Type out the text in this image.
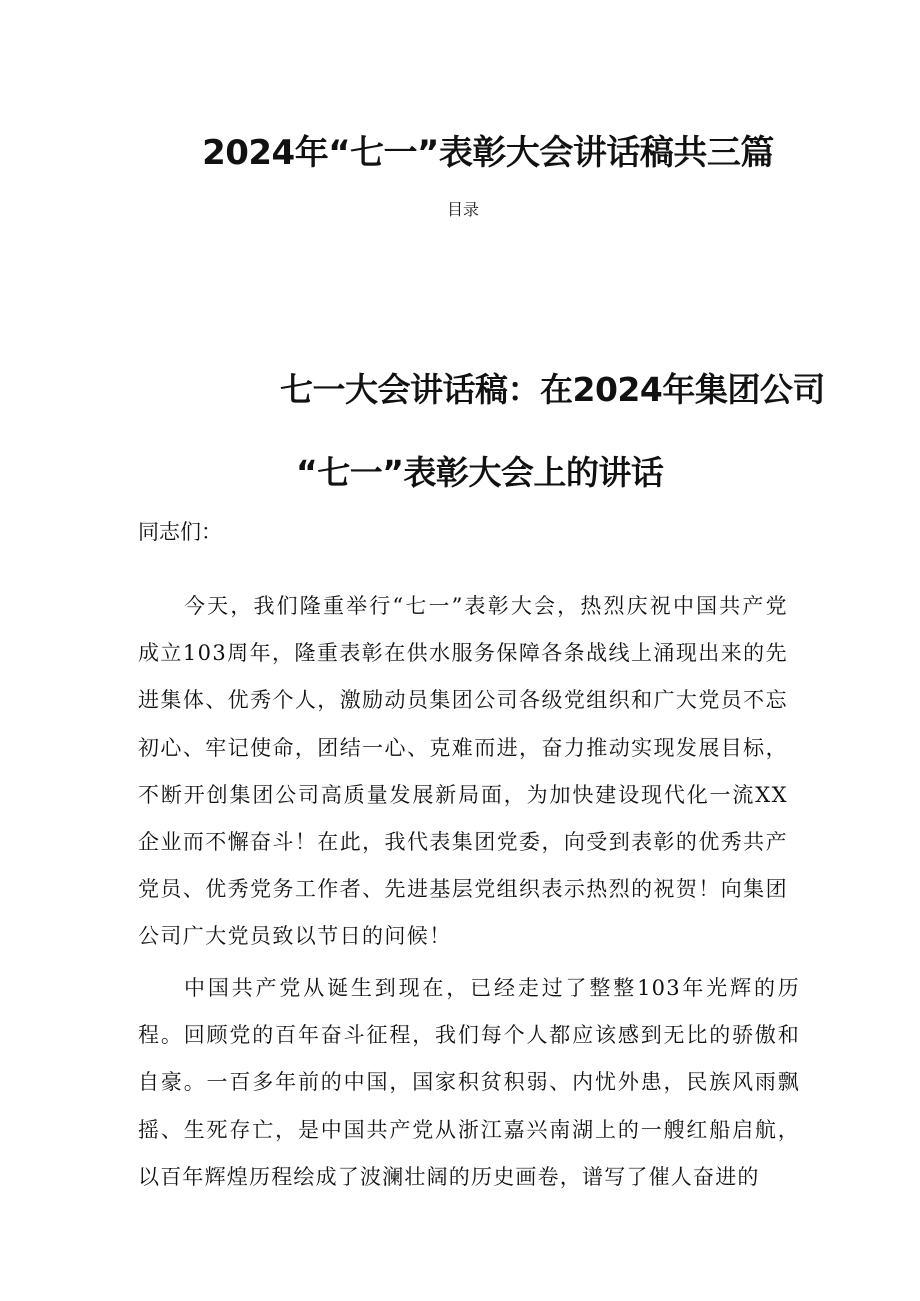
2024年“七一”表彰大会讲话稿共三篇
目录
七一大会讲话稿：在2024年集团公司
“七一”表彰大会上的讲话
同志们：

今天，我们隆重举行“七一”表彰大会，热烈庆祝中国共产党成立103周年，隆重表彰在供水服务保障各条战线上涌现出来的先进集体、优秀个人，激励动员集团公司各级党组织和广大党员不忘初心、牢记使命，团结一心、克难而进，奋力推动实现发展目标，不断开创集团公司高质量发展新局面，为加快建设现代化一流XX企业而不懈奋斗！在此，我代表集团党委，向受到表彰的优秀共产党员、优秀党务工作者、先进基层党组织表示热烈的祝贺！向集团公司广大党员致以节日的问候！

中国共产党从诞生到现在，已经走过了整整103年光辉的历程。回顾党的百年奋斗征程，我们每个人都应该感到无比的骄傲和自豪。一百多年前的中国，国家积贫积弱、内忧外患，民族风雨飘摇、生死存亡，是中国共产党从浙江嘉兴南湖上的一艘红船启航，以百年辉煌历程绘成了波澜壮阔的历史画卷，谱写了催人奋进的
